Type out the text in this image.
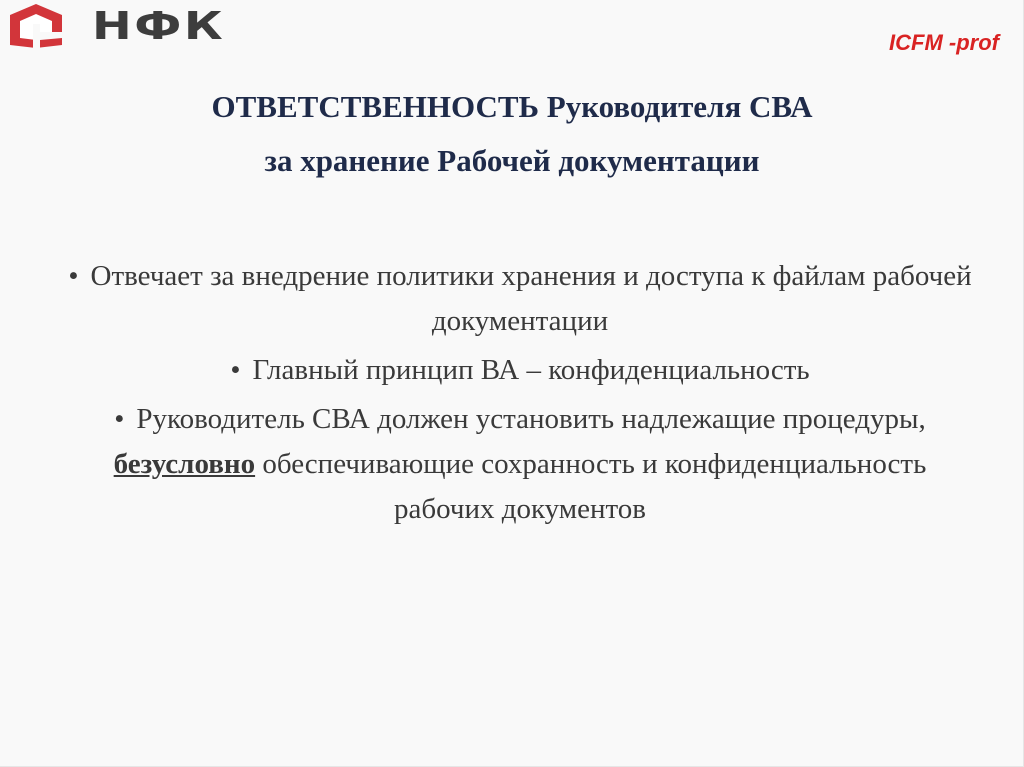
НФК	ICFM -prof
ОТВЕТСТВЕННОСТЬ Руководителя СВА
за хранение Рабочей документации
• Отвечает за внедрение политики хранения и доступа к файлам рабочей документации
• Главный принцип ВА – конфиденциальность
• Руководитель СВА должен установить надлежащие процедуры, безусловно обеспечивающие сохранность и конфиденциальность рабочих документов
